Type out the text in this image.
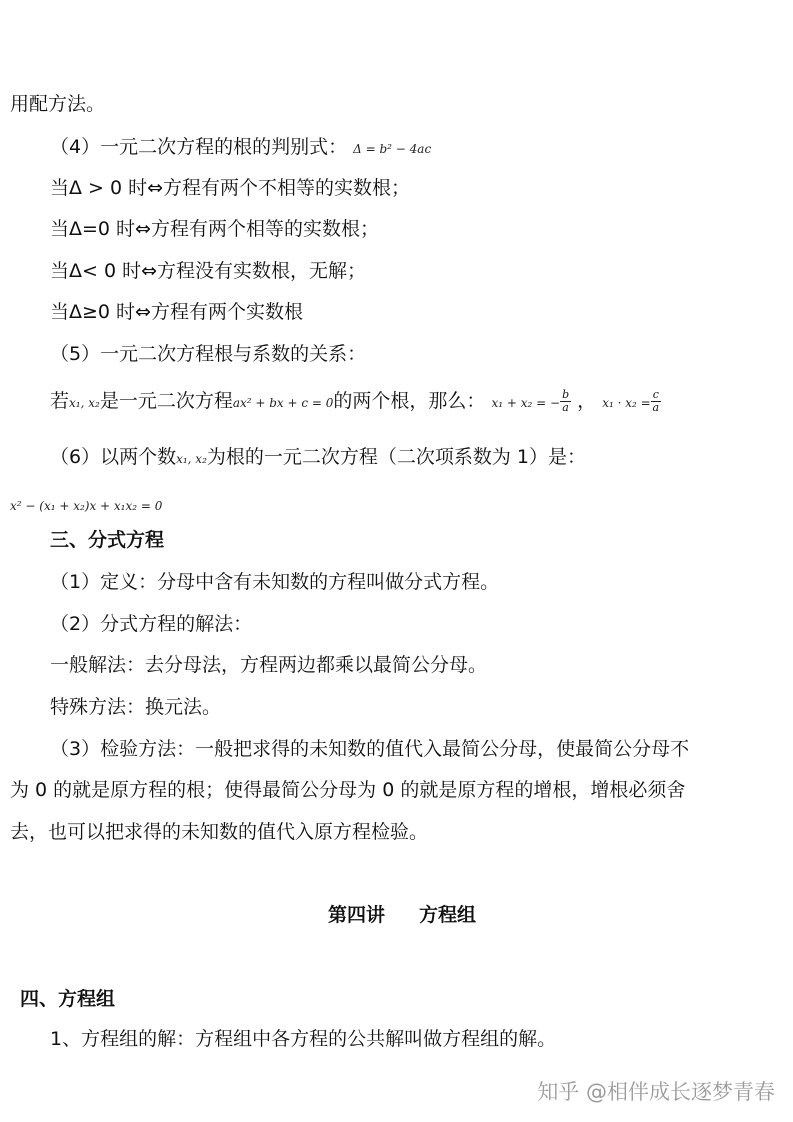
用配方法。
（4）一元二次方程的根的判别式： Δ = b² − 4ac
当Δ > 0 时⇔方程有两个不相等的实数根；
当Δ=0 时⇔方程有两个相等的实数根；
当Δ< 0 时⇔方程没有实数根，无解；
当Δ≥0 时⇔方程有两个实数根
（5）一元二次方程根与系数的关系：
若x₁, x₂是一元二次方程ax² + bx + c = 0的两个根，那么： x₁ + x₂ = − $\frac{b}{a}$ ， $x_1 \cdot x_2 = \frac{c}{a}$
（6）以两个数x₁, x₂为根的一元二次方程（二次项系数为 1）是：
x² − (x₁ + x₂)x + x₁x₂ = 0
三、分式方程
（1）定义：分母中含有未知数的方程叫做分式方程。
（2）分式方程的解法：
一般解法：去分母法，方程两边都乘以最简公分母。
特殊方法：换元法。
（3）检验方法：一般把求得的未知数的值代入最简公分母，使最简公分母不
为 0 的就是原方程的根；使得最简公分母为 0 的就是原方程的增根，增根必须舍
去，也可以把求得的未知数的值代入原方程检验。
第四讲 方程组
四、方程组
1、方程组的解：方程组中各方程的公共解叫做方程组的解。
知乎 @相伴成长逐梦青春
